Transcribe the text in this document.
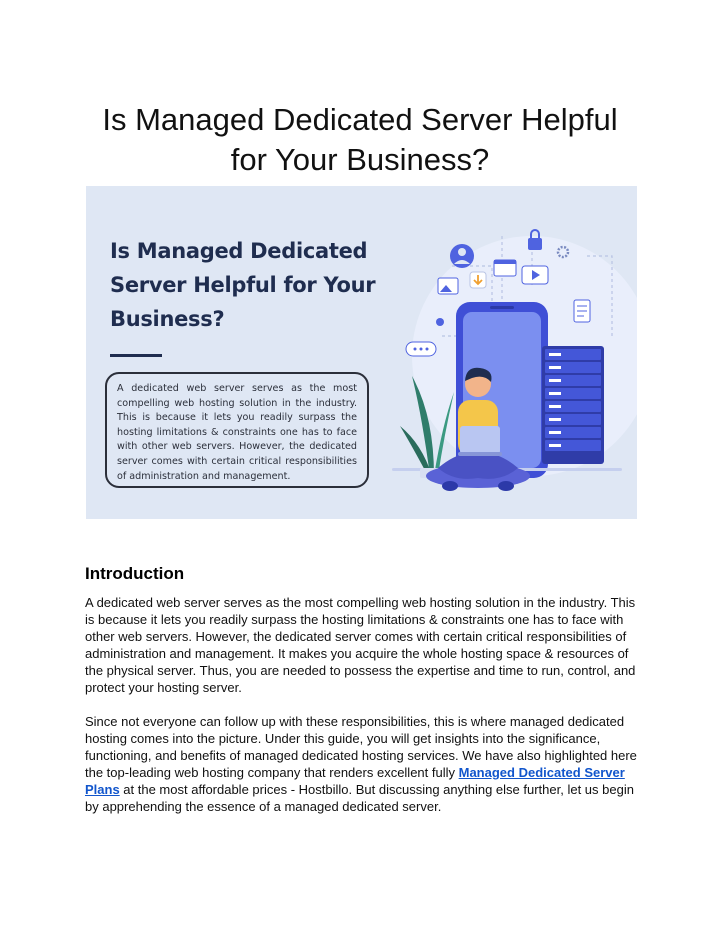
Is Managed Dedicated Server Helpful
for Your Business?
Is Managed Dedicated
Server Helpful for Your
Business?
A dedicated web server serves as the most compelling web hosting solution in the industry. This is because it lets you readily surpass the hosting limitations & constraints one has to face with other web servers. However, the dedicated server comes with certain critical responsibilities of administration and management.
Introduction

A dedicated web server serves as the most compelling web hosting solution in the industry. This is because it lets you readily surpass the hosting limitations & constraints one has to face with other web servers. However, the dedicated server comes with certain critical responsibilities of administration and management. It makes you acquire the whole hosting space & resources of the physical server. Thus, you are needed to possess the expertise and time to run, control, and protect your hosting server.

Since not everyone can follow up with these responsibilities, this is where managed dedicated hosting comes into the picture. Under this guide, you will get insights into the significance, functioning, and benefits of managed dedicated hosting services. We have also highlighted here the top-leading web hosting company that renders excellent fully Managed Dedicated Server Plans at the most affordable prices - Hostbillo. But discussing anything else further, let us begin by apprehending the essence of a managed dedicated server.
